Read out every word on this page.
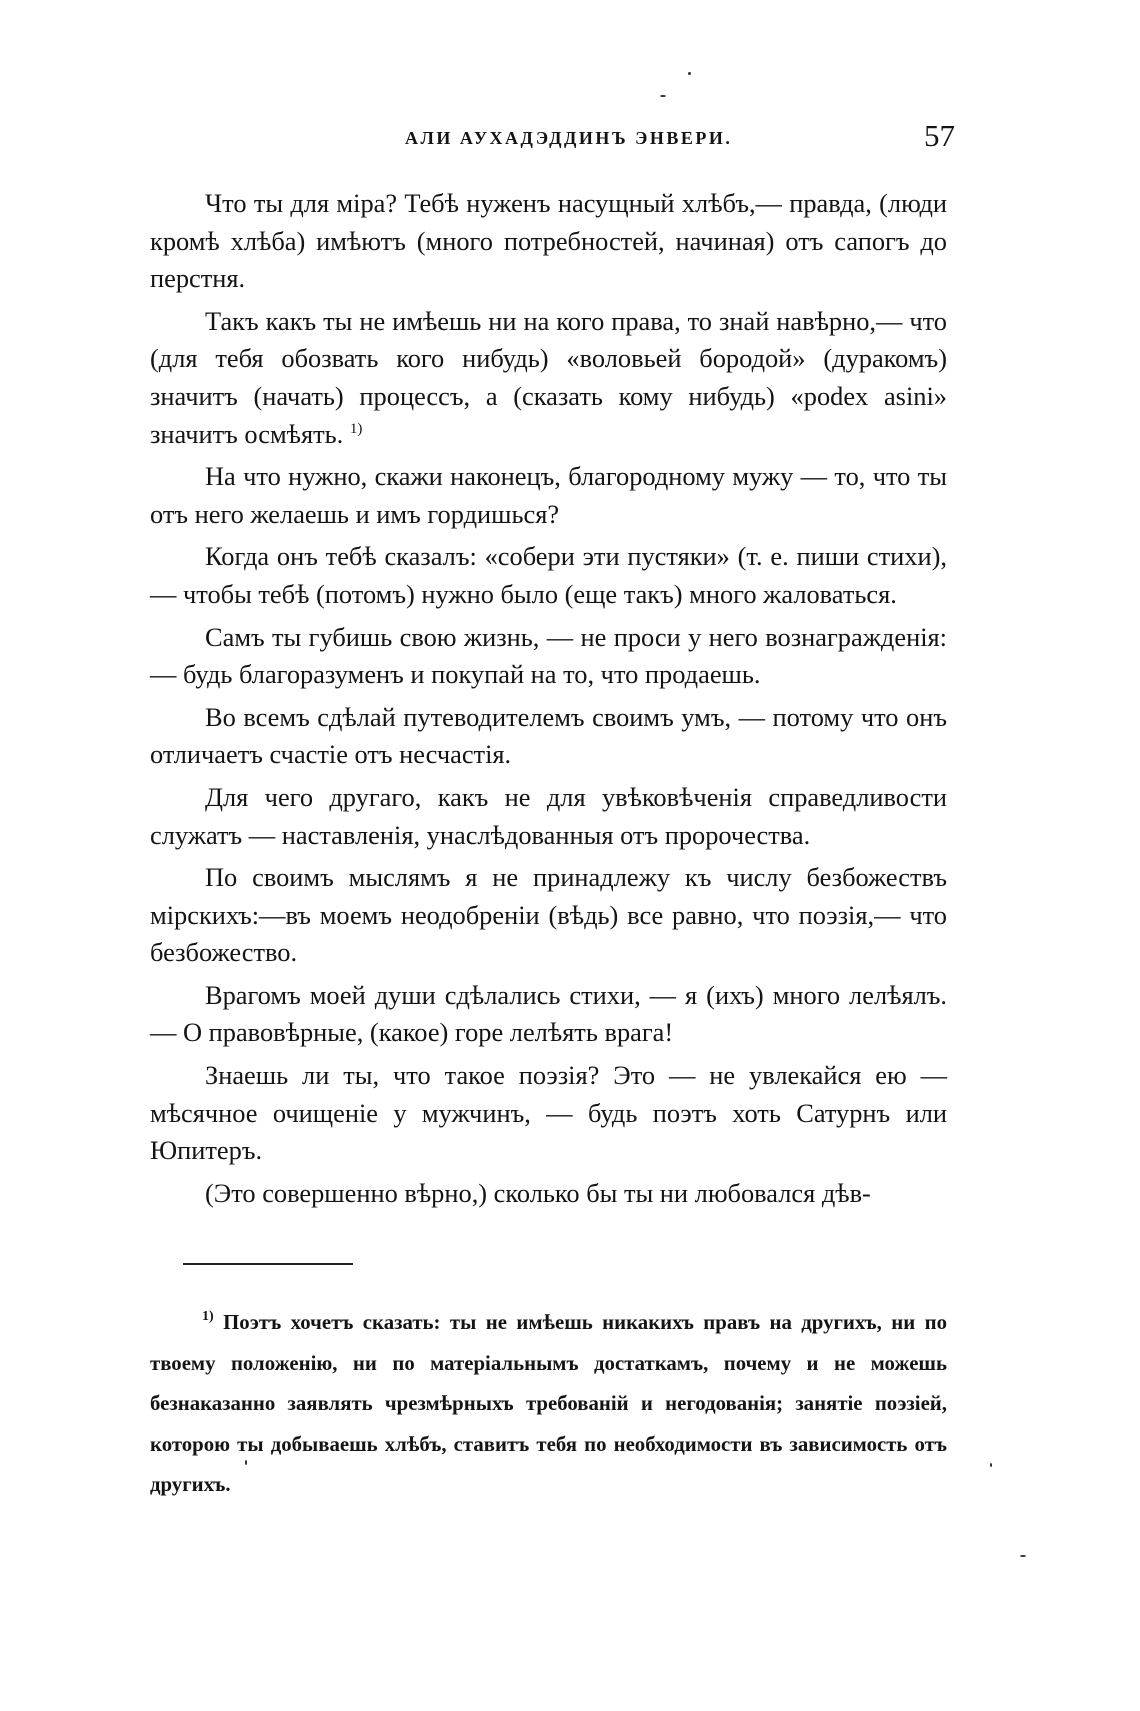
АЛИ АУХАДЭДДИНЪ ЭНВЕРИ.	57

Что ты для міра? Тебѣ нуженъ насущный хлѣбъ,— правда, (люди кромѣ хлѣба) имѣютъ (много потребностей, начиная) отъ сапогъ до перстня.

Такъ какъ ты не имѣешь ни на кого права, то знай навѣрно,— что (для тебя обозвать кого нибудь) «воловьей бородой» (дуракомъ) значитъ (начать) процессъ, а (сказать кому нибудь) «podex asini» значитъ осмѣять. $^{1)}$

На что нужно, скажи наконецъ, благородному мужу — то, что ты отъ него желаешь и имъ гордишься?

Когда онъ тебѣ сказалъ: «собери эти пустяки» (т. е. пиши стихи), — чтобы тебѣ (потомъ) нужно было (еще такъ) много жаловаться.

Самъ ты губишь свою жизнь, — не проси у него вознагражденія: — будь благоразуменъ и покупай на то, что продаешь.

Во всемъ сдѣлай путеводителемъ своимъ умъ, — потому что онъ отличаетъ счастіе отъ несчастія.

Для чего другаго, какъ не для увѣковѣченія справедливости служатъ — наставленія, унаслѣдованныя отъ пророчества.

По своимъ мыслямъ я не принадлежу къ числу безбожествъ мірскихъ:—въ моемъ неодобреніи (вѣдь) все равно, что поэзія,— что безбожество.

Врагомъ моей души сдѣлались стихи, — я (ихъ) много лелѣялъ. — О правовѣрные, (какое) горе лелѣять врага!

Знаешь ли ты, что такое поэзія? Это — не увлекайся ею — мѣсячное очищеніе у мужчинъ, — будь поэтъ хоть Сатурнъ или Юпитеръ.

(Это совершенно вѣрно,) сколько бы ты ни любовался дѣв-

$^{1)}$ Поэтъ хочетъ сказать: ты не имѣешь никакихъ правъ на другихъ, ни по твоему положенію, ни по матеріальнымъ достаткамъ, почему и не можешь безнаказанно заявлять чрезмѣрныхъ требованій и негодованія; занятіе поэзіей, которою ты добываешь хлѣбъ, ставитъ тебя по необходимости въ зависимость отъ другихъ.
